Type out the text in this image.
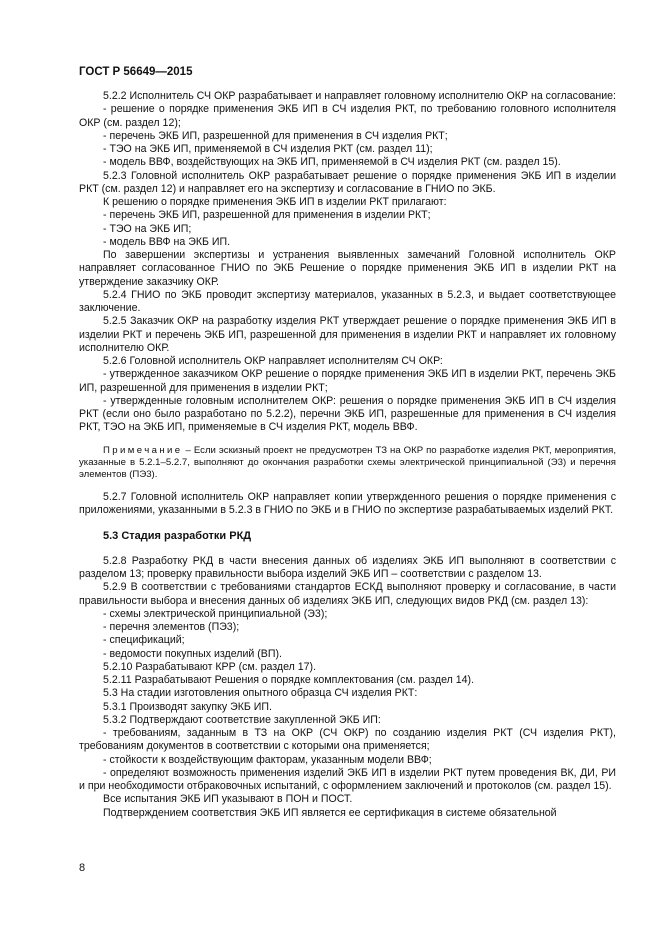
ГОСТ Р 56649—2015

5.2.2 Исполнитель СЧ ОКР разрабатывает и направляет головному исполнителю ОКР на согласование:

- решение о порядке применения ЭКБ ИП в СЧ изделия РКТ, по требованию головного исполнителя ОКР (см. раздел 12);

- перечень ЭКБ ИП, разрешенной для применения в СЧ изделия РКТ;

- ТЭО на ЭКБ ИП, применяемой в СЧ изделия РКТ (см. раздел 11);

- модель ВВФ, воздействующих на ЭКБ ИП, применяемой в СЧ изделия РКТ (см. раздел 15).

5.2.3 Головной исполнитель ОКР разрабатывает решение о порядке применения ЭКБ ИП в изделии РКТ (см. раздел 12) и направляет его на экспертизу и согласование в ГНИО по ЭКБ.

К решению о порядке применения ЭКБ ИП в изделии РКТ прилагают:

- перечень ЭКБ ИП, разрешенной для применения в изделии РКТ;

- ТЭО на ЭКБ ИП;

- модель ВВФ на ЭКБ ИП.

По завершении экспертизы и устранения выявленных замечаний Головной исполнитель ОКР направляет согласованное ГНИО по ЭКБ Решение о порядке применения ЭКБ ИП в изделии РКТ на утверждение заказчику ОКР.

5.2.4 ГНИО по ЭКБ проводит экспертизу материалов, указанных в 5.2.3, и выдает соответствующее заключение.

5.2.5 Заказчик ОКР на разработку изделия РКТ утверждает решение о порядке применения ЭКБ ИП в изделии РКТ и перечень ЭКБ ИП, разрешенной для применения в изделии РКТ и направляет их головному исполнителю ОКР.

5.2.6 Головной исполнитель ОКР направляет исполнителям СЧ ОКР:

- утвержденное заказчиком ОКР решение о порядке применения ЭКБ ИП в изделии РКТ, перечень ЭКБ ИП, разрешенной для применения в изделии РКТ;

- утвержденные головным исполнителем ОКР: решения о порядке применения ЭКБ ИП в СЧ изделия РКТ (если оно было разработано по 5.2.2), перечни ЭКБ ИП, разрешенные для применения в СЧ изделия РКТ, ТЭО на ЭКБ ИП, применяемые в СЧ изделия РКТ, модель ВВФ.

Примечание – Если эскизный проект не предусмотрен ТЗ на ОКР по разработке изделия РКТ, мероприятия, указанные в 5.2.1–5.2.7, выполняют до окончания разработки схемы электрической принципиальной (Э3) и перечня элементов (ПЭ3).

5.2.7 Головной исполнитель ОКР направляет копии утвержденного решения о порядке применения с приложениями, указанными в 5.2.3 в ГНИО по ЭКБ и в ГНИО по экспертизе разрабатываемых изделий РКТ.

5.3 Стадия разработки РКД

5.2.8 Разработку РКД в части внесения данных об изделиях ЭКБ ИП выполняют в соответствии с разделом 13; проверку правильности выбора изделий ЭКБ ИП – соответствии с разделом 13.

5.2.9 В соответствии с требованиями стандартов ЕСКД выполняют проверку и согласование, в части правильности выбора и внесения данных об изделиях ЭКБ ИП, следующих видов РКД (см. раздел 13):

- схемы электрической принципиальной (Э3);

- перечня элементов (ПЭ3);

- спецификаций;

- ведомости покупных изделий (ВП).

5.2.10 Разрабатывают КРР (см. раздел 17).

5.2.11 Разрабатывают Решения о порядке комплектования (см. раздел 14).

5.3 На стадии изготовления опытного образца СЧ изделия РКТ:

5.3.1 Производят закупку ЭКБ ИП.

5.3.2 Подтверждают соответствие закупленной ЭКБ ИП:

- требованиям, заданным в ТЗ на ОКР (СЧ ОКР) по созданию изделия РКТ (СЧ изделия РКТ), требованиям документов в соответствии с которыми она применяется;

- стойкости к воздействующим факторам, указанным модели ВВФ;

- определяют возможность применения изделий ЭКБ ИП в изделии РКТ путем проведения ВК, ДИ, РИ и при необходимости отбраковочных испытаний, с оформлением заключений и протоколов (см. раздел 15).

Все испытания ЭКБ ИП указывают в ПОН и ПОСТ.

Подтверждением соответствия ЭКБ ИП является ее сертификация в системе обязательной

8
